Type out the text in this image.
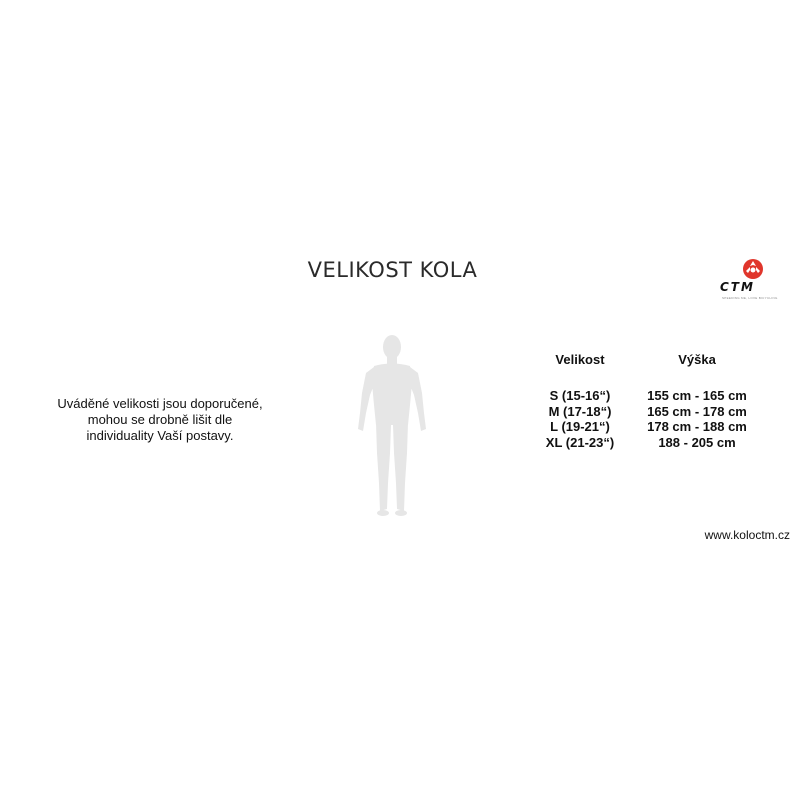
VELIKOST KOLA
CTM
SPEEDING ME, LOVE BICYCLING
Uváděné velikosti jsou doporučené,
mohou se drobně lišit dle
individuality Vaší postavy.
Velikost	Výška
S (15-16“)	155 cm - 165 cm
M (17-18“)	165 cm - 178 cm
L (19-21“)	178 cm - 188 cm
XL (21-23“)	188 - 205 cm
www.koloctm.cz
